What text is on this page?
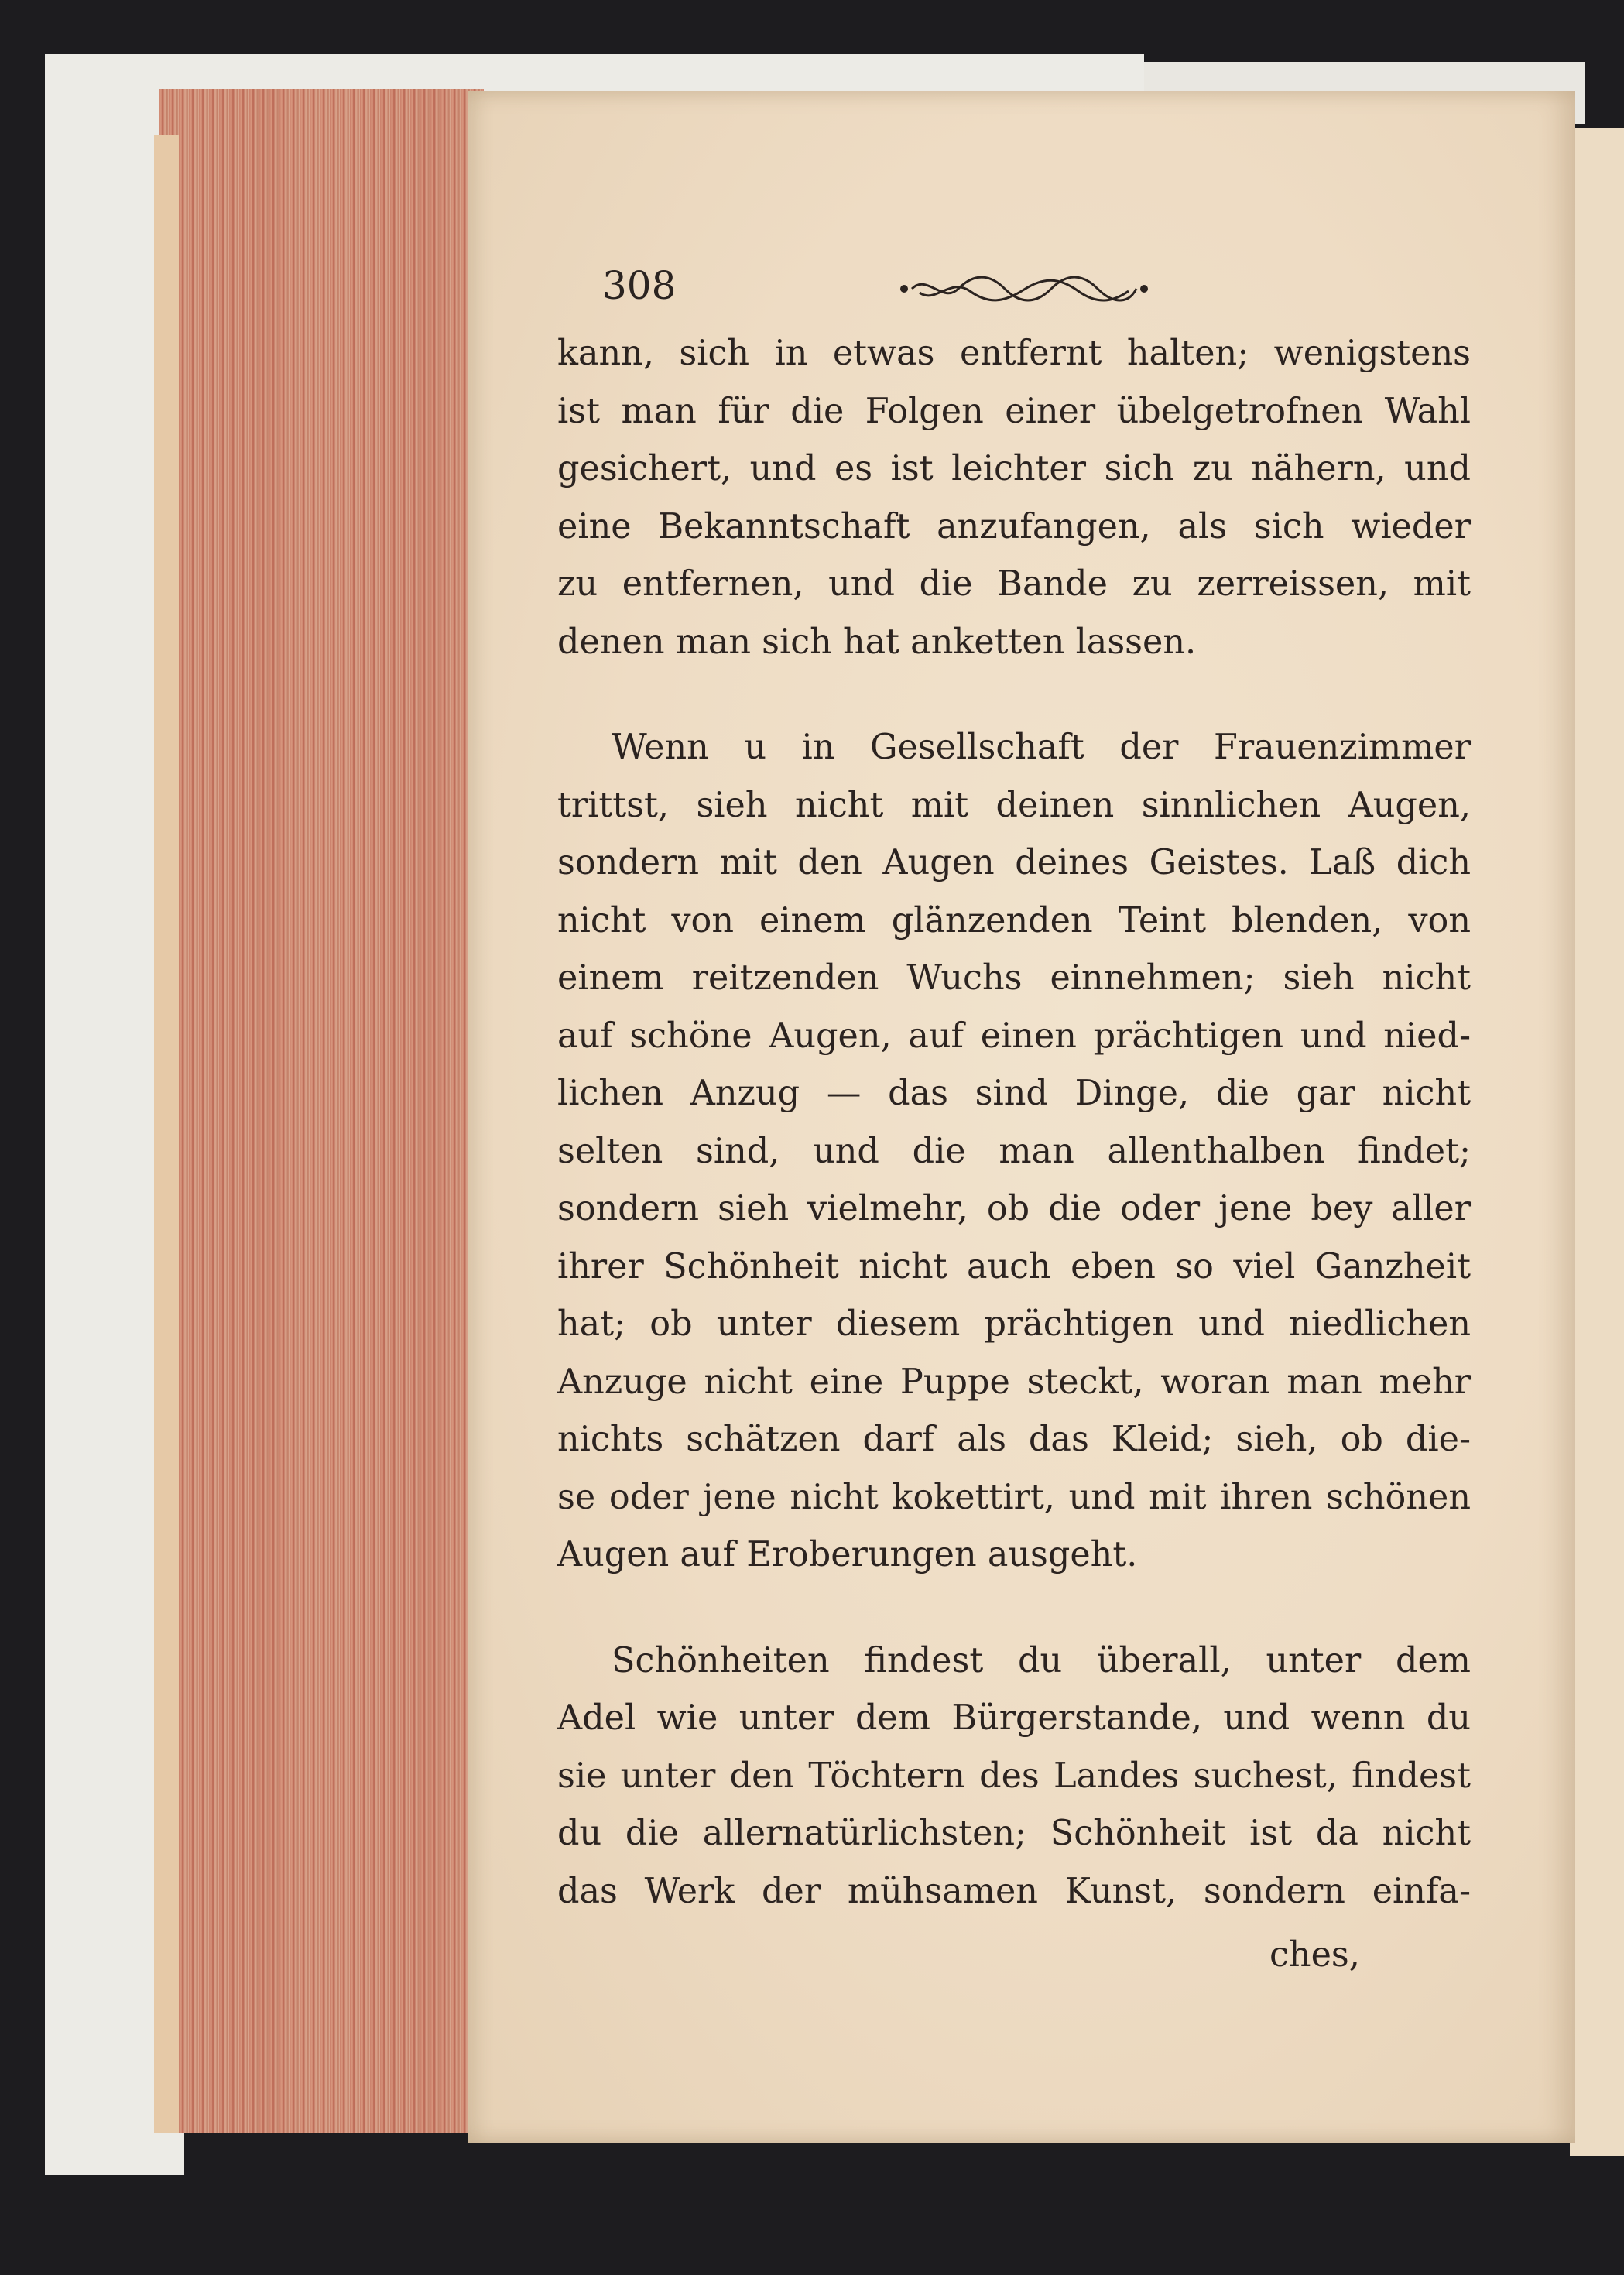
308
kann, sich in etwas entfernt halten; wenigstens
ist man für die Folgen einer übelgetrofnen Wahl
gesichert, und es ist leichter sich zu nähern, und
eine Bekanntschaft anzufangen, als sich wieder
zu entfernen, und die Bande zu zerreissen, mit
denen man sich hat anketten lassen.
Wenn u in Gesellschaft der Frauenzimmer
trittst, sieh nicht mit deinen sinnlichen Augen,
sondern mit den Augen deines Geistes. Laß dich
nicht von einem glänzenden Teint blenden, von
einem reitzenden Wuchs einnehmen; sieh nicht
auf schöne Augen, auf einen prächtigen und nied-
lichen Anzug — das sind Dinge, die gar nicht
selten sind, und die man allenthalben findet;
sondern sieh vielmehr, ob die oder jene bey aller
ihrer Schönheit nicht auch eben so viel Ganzheit
hat; ob unter diesem prächtigen und niedlichen
Anzuge nicht eine Puppe steckt, woran man mehr
nichts schätzen darf als das Kleid; sieh, ob die-
se oder jene nicht kokettirt, und mit ihren schönen
Augen auf Eroberungen ausgeht.
Schönheiten findest du überall, unter dem
Adel wie unter dem Bürgerstande, und wenn du
sie unter den Töchtern des Landes suchest, findest
du die allernatürlichsten; Schönheit ist da nicht
das Werk der mühsamen Kunst, sondern einfa-
ches,
